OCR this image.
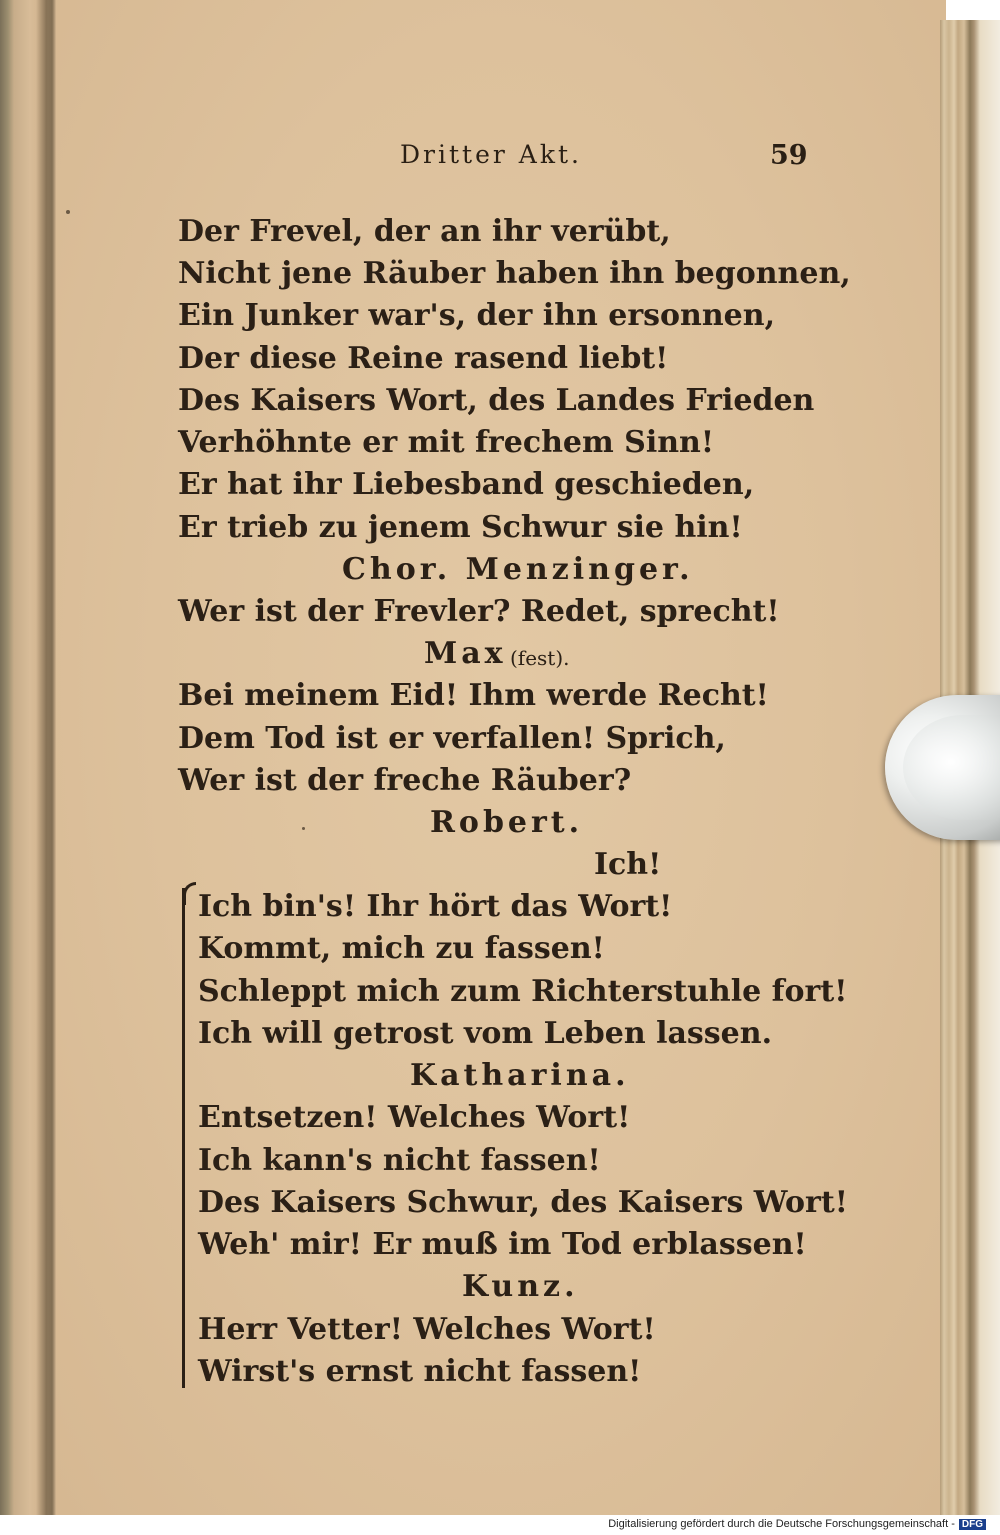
Dritter Akt.	59
Der Frevel, der an ihr verübt,
Nicht jene Räuber haben ihn begonnen,
Ein Junker war's, der ihn ersonnen,
Der diese Reine rasend liebt!
Des Kaisers Wort, des Landes Frieden
Verhöhnte er mit frechem Sinn!
Er hat ihr Liebesband geschieden,
Er trieb zu jenem Schwur sie hin!
Chor. Menzinger.
Wer ist der Frevler? Redet, sprecht!
Max (fest).
Bei meinem Eid! Ihm werde Recht!
Dem Tod ist er verfallen! Sprich,
Wer ist der freche Räuber?
Robert.
Ich!
Ich bin's! Ihr hört das Wort!
Kommt, mich zu fassen!
Schleppt mich zum Richterstuhle fort!
Ich will getrost vom Leben lassen.
Katharina.
Entsetzen! Welches Wort!
Ich kann's nicht fassen!
Des Kaisers Schwur, des Kaisers Wort!
Weh' mir! Er muß im Tod erblassen!
Kunz.
Herr Vetter! Welches Wort!
Wirst's ernst nicht fassen!
Digitalisierung gefördert durch die Deutsche Forschungsgemeinschaft - DFG
